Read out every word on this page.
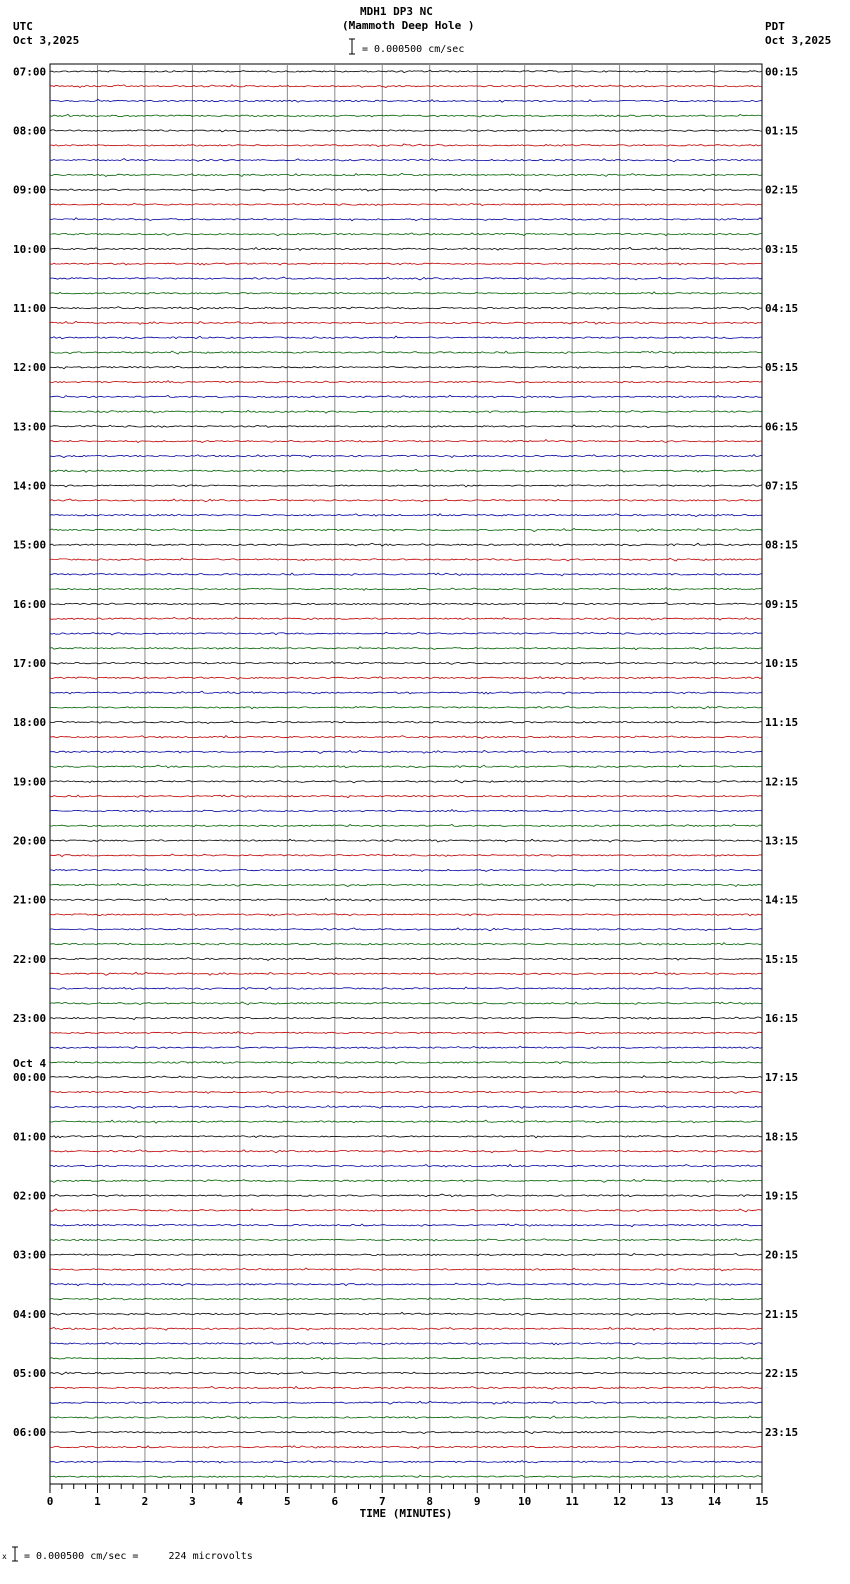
MDH1 DP3 NC
(Mammoth Deep Hole )
UTC
Oct 3,2025
PDT
Oct 3,2025
= 0.000500 cm/sec
07:00	00:15
08:00	01:15
09:00	02:15
10:00	03:15
11:00	04:15
12:00	05:15
13:00	06:15
14:00	07:15
15:00	08:15
16:00	09:15
17:00	10:15
18:00	11:15
19:00	12:15
20:00	13:15
21:00	14:15
22:00	15:15
23:00	16:15
00:00	17:15
Oct 4
01:00	18:15
02:00	19:15
03:00	20:15
04:00	21:15
05:00	22:15
06:00	23:15
0	1	2	3	4	5	6	7	8	9	10	11	12	13	14	15
TIME (MINUTES)
x = 0.000500 cm/sec =     224 microvolts
